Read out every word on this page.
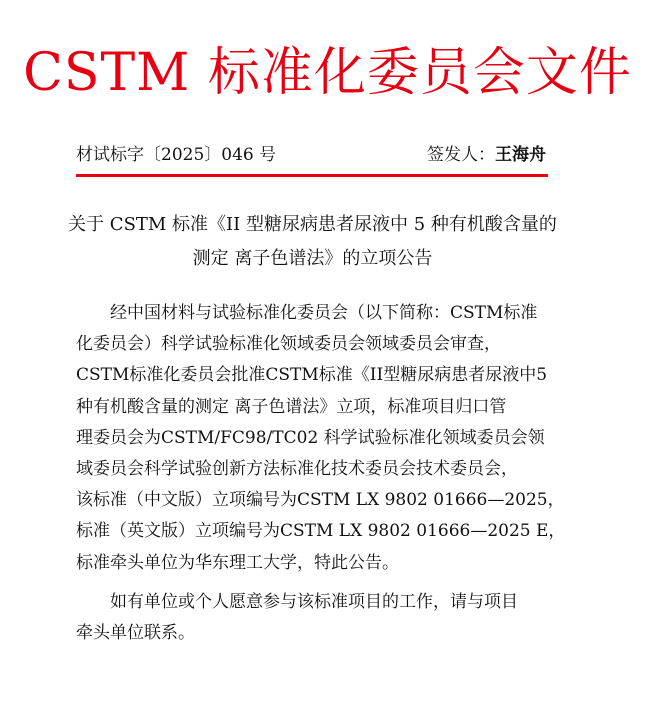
CSTM 标准化委员会文件
材试标字〔2025〕046 号	签发人：王海舟
关于 CSTM 标准《II 型糖尿病患者尿液中 5 种有机酸含量的
测定 离子色谱法》的立项公告
经中国材料与试验标准化委员会（以下简称：CSTM标准
化委员会）科学试验标准化领域委员会领域委员会审查，
CSTM标准化委员会批准CSTM标准《II型糖尿病患者尿液中5
种有机酸含量的测定 离子色谱法》立项，标准项目归口管
理委员会为CSTM/FC98/TC02 科学试验标准化领域委员会领
域委员会科学试验创新方法标准化技术委员会技术委员会，
该标准（中文版）立项编号为CSTM LX 9802 01666—2025，
标准（英文版）立项编号为CSTM LX 9802 01666—2025 E，
标准牵头单位为华东理工大学，特此公告。
如有单位或个人愿意参与该标准项目的工作，请与项目
牵头单位联系。
